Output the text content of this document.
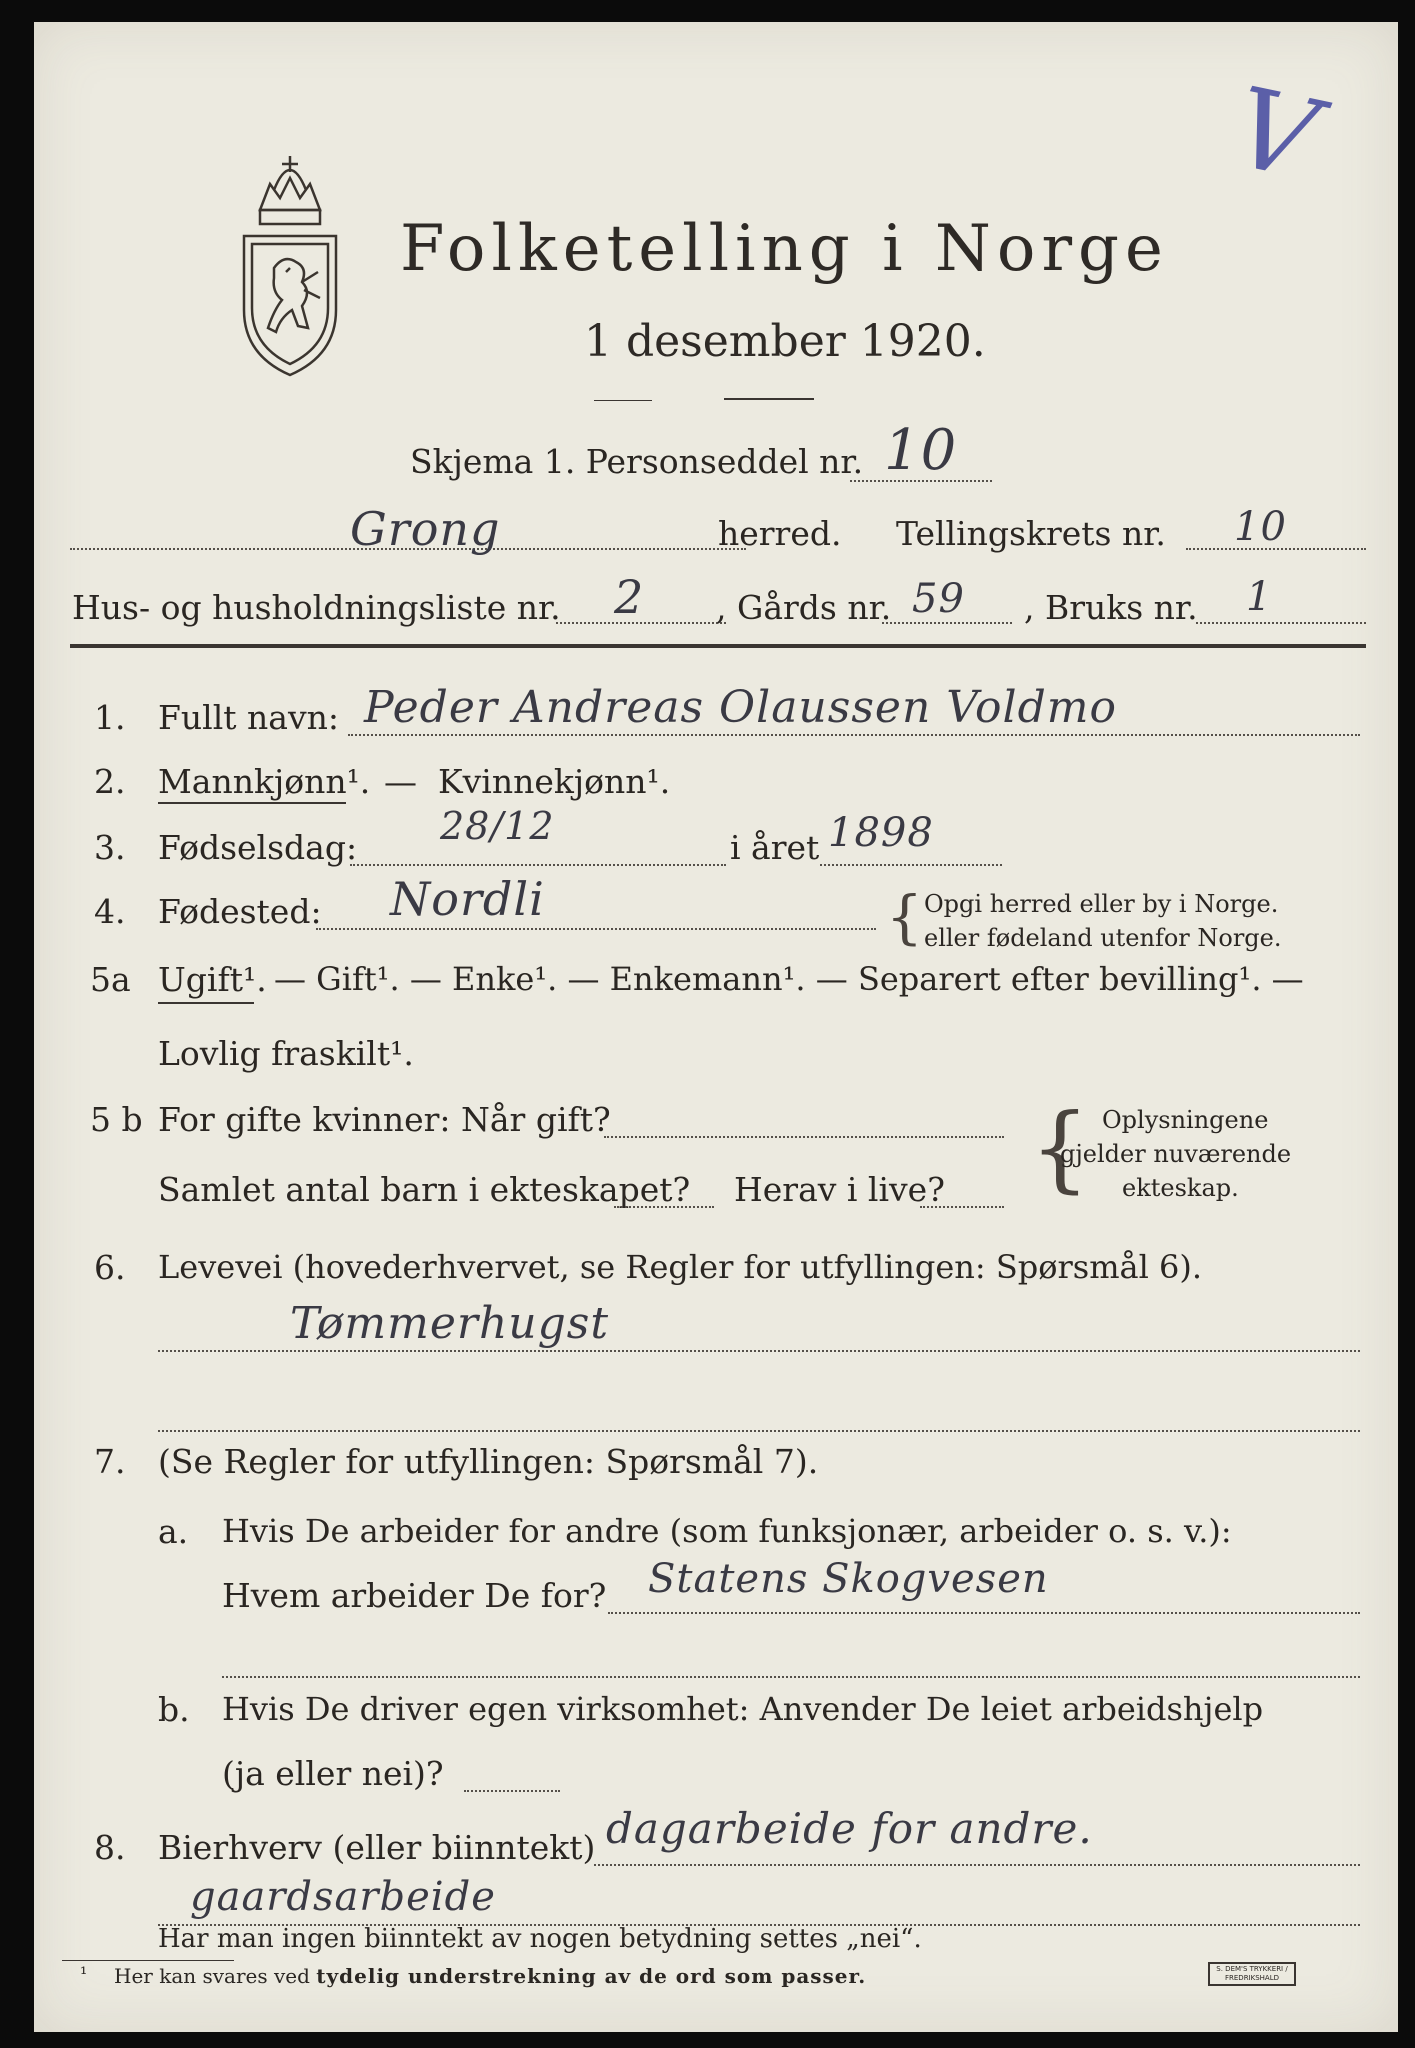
V
Folketelling i Norge
1 desember 1920.
Skjema 1. Personseddel nr. 10
Grong	herred. Tellingskrets nr. 10
Hus- og husholdningsliste nr. 2 , Gårds nr. 59 , Bruks nr. 1
1. Fullt navn: Peder Andreas Olaussen Voldmo
2. Mannkjønn¹. — Kvinnekjønn¹.
3. Fødselsdag: 28/12	i året 1898
4. Fødested: Nordli	{ Opgi herred eller by i Norge.
eller fødeland utenfor Norge.
5a Ugift¹. — Gift¹. — Enke¹. — Enkemann¹. — Separert efter bevilling¹. —
Lovlig fraskilt¹.
5 b For gifte kvinner: Når gift?
Samlet antal barn i ekteskapet? Herav i live? { Oplysningene
gjelder nuværende
ekteskap.
6. Levevei (hovederhvervet, se Regler for utfyllingen: Spørsmål 6).
Tømmerhugst
7. (Se Regler for utfyllingen: Spørsmål 7).
a. Hvis De arbeider for andre (som funksjonær, arbeider o. s. v.):
Hvem arbeider De for? Statens Skogvesen
b. Hvis De driver egen virksomhet: Anvender De leiet arbeidshjelp
(ja eller nei)?
8. Bierhverv (eller biinntekt) dagarbeide for andre.
gaardsarbeide
Har man ingen biinntekt av nogen betydning settes „nei“.
¹ Her kan svares ved tydelig understrekning av de ord som passer.	S. DEM'S TRYKKERI / FREDRIKSHALD
